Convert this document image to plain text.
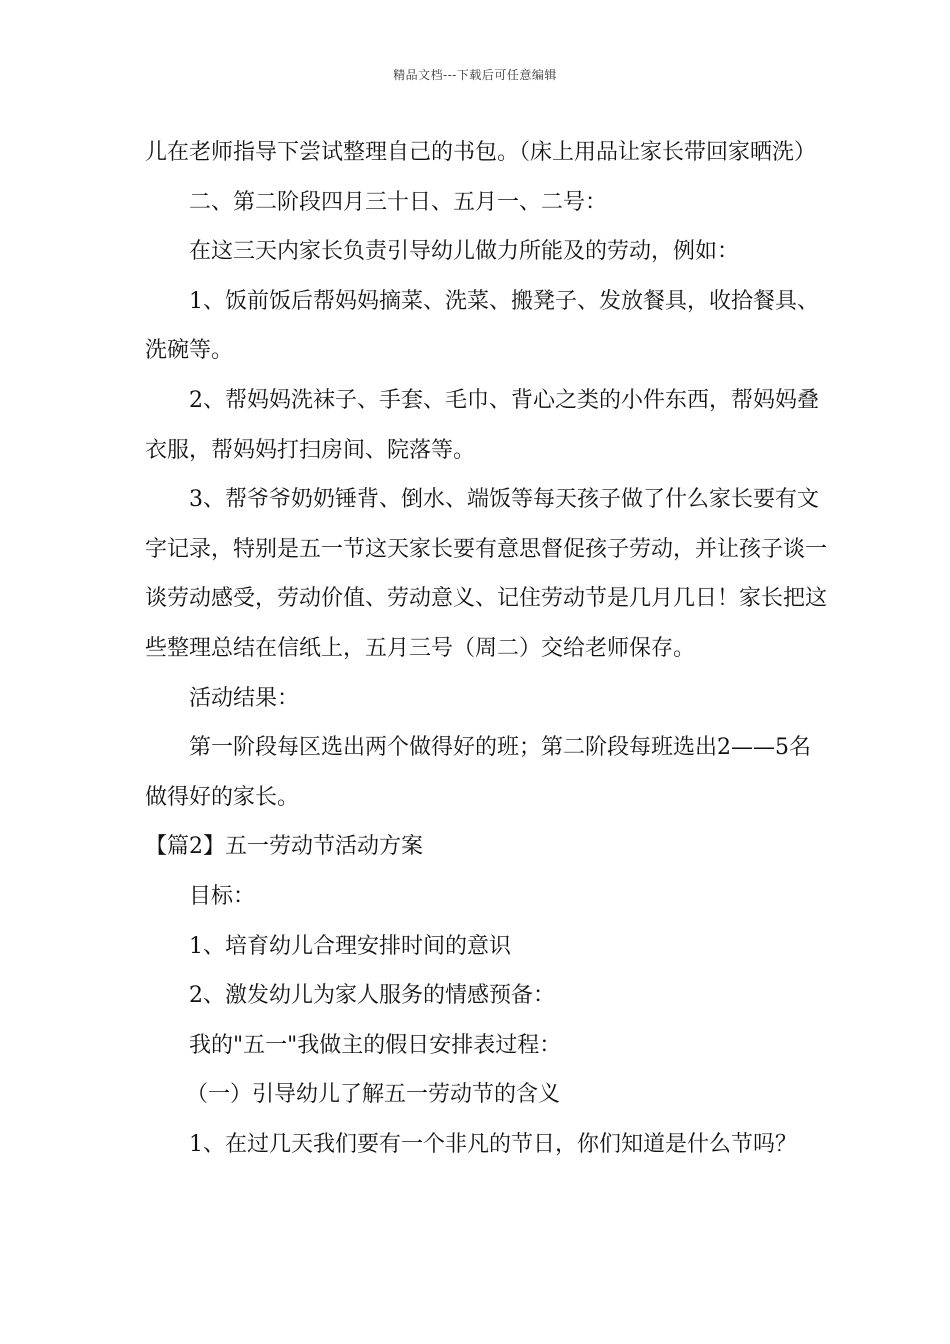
精品文档---下载后可任意编辑

儿在老师指导下尝试整理自己的书包。（床上用品让家长带回家晒洗）

二、第二阶段四月三十日、五月一、二号：

在这三天内家长负责引导幼儿做力所能及的劳动，例如：

1、饭前饭后帮妈妈摘菜、洗菜、搬凳子、发放餐具，收拾餐具、洗碗等。

2、帮妈妈洗袜子、手套、毛巾、背心之类的小件东西，帮妈妈叠衣服，帮妈妈打扫房间、院落等。

3、帮爷爷奶奶锤背、倒水、端饭等每天孩子做了什么家长要有文字记录，特别是五一节这天家长要有意思督促孩子劳动，并让孩子谈一谈劳动感受，劳动价值、劳动意义、记住劳动节是几月几日！家长把这些整理总结在信纸上，五月三号（周二）交给老师保存。

活动结果：

第一阶段每区选出两个做得好的班；第二阶段每班选出2——5名做得好的家长。

【篇2】五一劳动节活动方案

目标：

1、培育幼儿合理安排时间的意识

2、激发幼儿为家人服务的情感预备：

我的"五一"我做主的假日安排表过程：

（一）引导幼儿了解五一劳动节的含义

1、在过几天我们要有一个非凡的节日，你们知道是什么节吗？
